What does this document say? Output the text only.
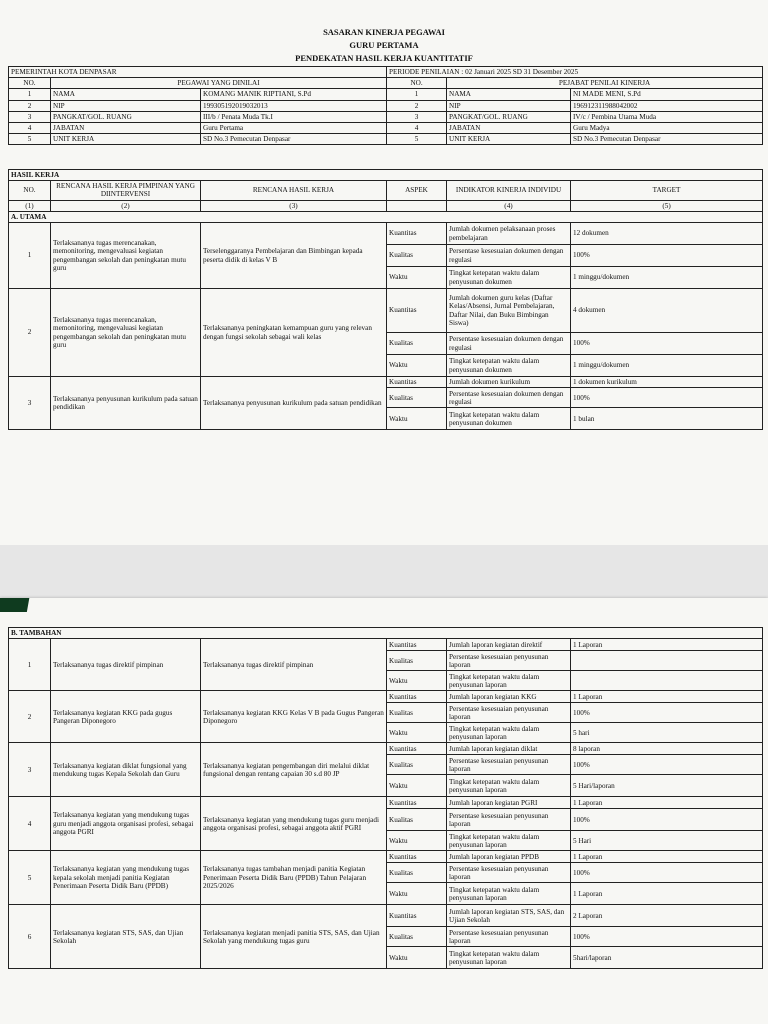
SASARAN KINERJA PEGAWAI
GURU PERTAMA
PENDEKATAN HASIL KERJA KUANTITATIF
PEMERINTAH KOTA DENPASAR			PERIODE PENILAIAN : 02 Januari 2025 SD 31 Desember 2025		
NO.	PEGAWAI YANG DINILAI		NO.	PEJABAT PENILAI KINERJA	
1	NAMA	KOMANG MANIK RIPTIANI, S.Pd	1	NAMA	NI MADE MENI, S.Pd
2	NIP	199305192019032013	2	NIP	196912311988042002
3	PANGKAT/GOL. RUANG	III/b / Penata Muda Tk.I	3	PANGKAT/GOL. RUANG	IV/c / Pembina Utama Muda
4	JABATAN	Guru Pertama	4	JABATAN	Guru Madya
5	UNIT KERJA	SD No.3 Pemecutan Denpasar	5	UNIT KERJA	SD No.3 Pemecutan Denpasar
HASIL KERJA					
NO.	RENCANA HASIL KERJA PIMPINAN YANG DIINTERVENSI	RENCANA HASIL KERJA	ASPEK	INDIKATOR KINERJA INDIVIDU	TARGET
(1)	(2)	(3)		(4)	(5)
A. UTAMA					
1	Terlaksananya tugas merencanakan, memonitoring, mengevaluasi kegiatan pengembangan sekolah dan peningkatan mutu guru	Terselenggaranya Pembelajaran dan Bimbingan kepada peserta didik di kelas V B	Kuantitas	Jumlah dokumen pelaksanaan proses pembelajaran	12 dokumen
			Kualitas	Persentase kesesuaian dokumen dengan regulasi	100%
			Waktu	Tingkat ketepatan waktu dalam penyusunan dokumen	1 minggu/dokumen
2	Terlaksananya tugas merencanakan, memonitoring, mengevaluasi kegiatan pengembangan sekolah dan peningkatan mutu guru	Terlaksananya peningkatan kemampuan guru yang relevan dengan fungsi sekolah sebagai wali kelas	Kuantitas	Jumlah dokumen guru kelas (Daftar Kelas/Absensi, Jurnal Pembelajaran, Daftar Nilai, dan Buku Bimbingan Siswa)	4 dokumen
			Kualitas	Persentase kesesuaian dokumen dengan regulasi	100%
			Waktu	Tingkat ketepatan waktu dalam penyusunan dokumen	1 minggu/dokumen
3	Terlaksananya penyusunan kurikulum pada satuan pendidikan	Terlaksananya penyusunan kurikulum pada satuan pendidikan	Kuantitas	Jumlah dokumen kurikulum	1 dokumen kurikulum
			Kualitas	Persentase kesesuaian dokumen dengan regulasi	100%
			Waktu	Tingkat ketepatan waktu dalam penyusunan dokumen	1 bulan
B. TAMBAHAN					
1	Terlaksananya tugas direktif pimpinan	Terlaksananya tugas direktif pimpinan	Kuantitas	Jumlah laporan kegiatan direktif	1 Laporan
			Kualitas	Persentase kesesuaian penyusunan laporan	
			Waktu	Tingkat ketepatan waktu dalam penyusunan laporan	
2	Terlaksananya kegiatan KKG pada gugus Pangeran Diponegoro	Terlaksananya kegiatan KKG Kelas V B pada Gugus Pangeran Diponegoro	Kuantitas	Jumlah laporan kegiatan KKG	1 Laporan
			Kualitas	Persentase kesesuaian penyusunan laporan	100%
			Waktu	Tingkat ketepatan waktu dalam penyusunan laporan	5 hari
3	Terlaksananya kegiatan diklat fungsional yang mendukung tugas Kepala Sekolah dan Guru	Terlaksananya kegiatan pengembangan diri melalui diklat fungsional dengan rentang capaian 30 s.d 80 JP	Kuantitas	Jumlah laporan kegiatan diklat	8 laporan
			Kualitas	Persentase kesesuaian penyusunan laporan	100%
			Waktu	Tingkat ketepatan waktu dalam penyusunan laporan	5 Hari/laporan
4	Terlaksananya kegiatan yang mendukung tugas guru menjadi anggota organisasi profesi, sebagai anggota PGRI	Terlaksananya kegiatan yang mendukung tugas guru menjadi anggota organisasi profesi, sebagai anggota aktif PGRI	Kuantitas	Jumlah laporan kegiatan PGRI	1 Laporan
			Kualitas	Persentase kesesuaian penyusunan laporan	100%
			Waktu	Tingkat ketepatan waktu dalam penyusunan laporan	5 Hari
5	Terlaksananya kegiatan yang mendukung tugas kepala sekolah menjadi panitia Kegiatan Penerimaan Peserta Didik Baru (PPDB)	Terlaksananya tugas tambahan menjadi panitia Kegiatan Penerimaan Peserta Didik Baru (PPDB) Tahun Pelajaran 2025/2026	Kuantitas	Jumlah laporan kegiatan PPDB	1 Laporan
			Kualitas	Persentase kesesuaian penyusunan laporan	100%
			Waktu	Tingkat ketepatan waktu dalam penyusunan laporan	1 Laporan
6	Terlaksananya kegiatan STS, SAS, dan Ujian Sekolah	Terlaksananya kegiatan menjadi panitia STS, SAS, dan Ujian Sekolah yang mendukung tugas guru	Kuantitas	Jumlah laporan kegiatan STS, SAS, dan Ujian Sekolah	2 Laporan
			Kualitas	Persentase kesesuaian penyusunan laporan	100%
			Waktu	Tingkat ketepatan waktu dalam penyusunan laporan	5hari/laporan
